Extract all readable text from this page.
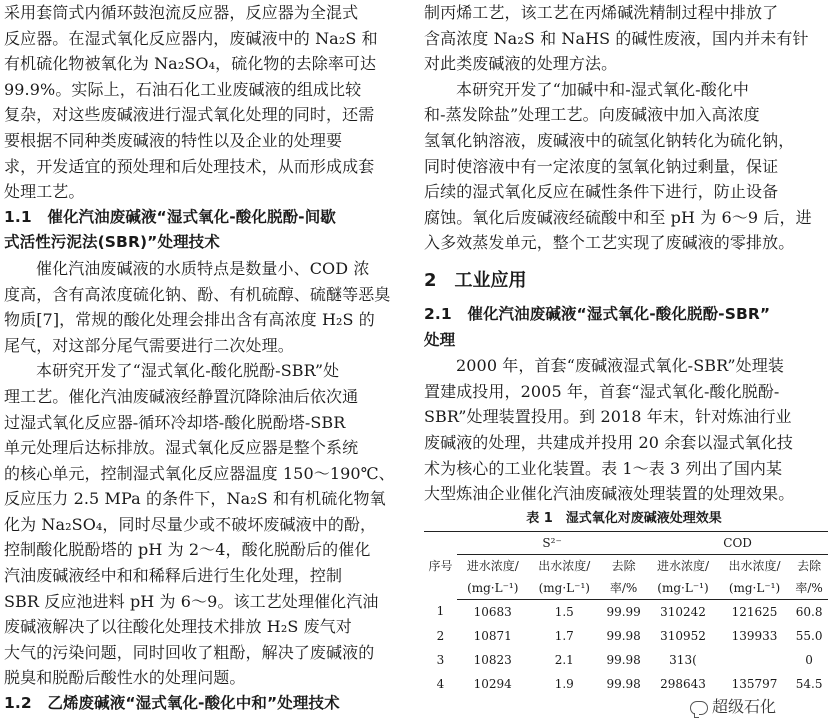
采用套筒式内循环鼓泡流反应器，反应器为全混式
反应器。在湿式氧化反应器内，废碱液中的 Na₂S 和
有机硫化物被氧化为 Na₂SO₄，硫化物的去除率可达
99.9%。实际上，石油石化工业废碱液的组成比较
复杂，对这些废碱液进行湿式氧化处理的同时，还需
要根据不同种类废碱液的特性以及企业的处理要
求，开发适宜的预处理和后处理技术，从而形成成套
处理工艺。
1.1　催化汽油废碱液“湿式氧化-酸化脱酚-间歇
式活性污泥法(SBR)”处理技术
催化汽油废碱液的水质特点是数量小、COD 浓
度高，含有高浓度硫化钠、酚、有机硫醇、硫醚等恶臭
物质[7]，常规的酸化处理会排出含有高浓度 H₂S 的
尾气，对这部分尾气需要进行二次处理。
本研究开发了“湿式氧化-酸化脱酚-SBR”处
理工艺。催化汽油废碱液经静置沉降除油后依次通
过湿式氧化反应器-循环冷却塔-酸化脱酚塔-SBR
单元处理后达标排放。湿式氧化反应器是整个系统
的核心单元，控制湿式氧化反应器温度 150～190℃、
反应压力 2.5 MPa 的条件下，Na₂S 和有机硫化物氧
化为 Na₂SO₄，同时尽量少或不破坏废碱液中的酚，
控制酸化脱酚塔的 pH 为 2～4，酸化脱酚后的催化
汽油废碱液经中和和稀释后进行生化处理，控制
SBR 反应池进料 pH 为 6～9。该工艺处理催化汽油
废碱液解决了以往酸化处理技术排放 H₂S 废气对
大气的污染问题，同时回收了粗酚，解决了废碱液的
脱臭和脱酚后酸性水的处理问题。
1.2　乙烯废碱液“湿式氧化-酸化中和”处理技术
制丙烯工艺，该工艺在丙烯碱洗精制过程中排放了
含高浓度 Na₂S 和 NaHS 的碱性废液，国内并未有针
对此类废碱液的处理方法。
本研究开发了“加碱中和-湿式氧化-酸化中
和-蒸发除盐”处理工艺。向废碱液中加入高浓度
氢氧化钠溶液，废碱液中的硫氢化钠转化为硫化钠，
同时使溶液中有一定浓度的氢氧化钠过剩量，保证
后续的湿式氧化反应在碱性条件下进行，防止设备
腐蚀。氧化后废碱液经硫酸中和至 pH 为 6～9 后，进
入多效蒸发单元，整个工艺实现了废碱液的零排放。
2　工业应用
2.1　催化汽油废碱液“湿式氧化-酸化脱酚-SBR”
处理
2000 年，首套“废碱液湿式氧化-SBR”处理装
置建成投用，2005 年，首套“湿式氧化-酸化脱酚-
SBR”处理装置投用。到 2018 年末，针对炼油行业
废碱液的处理，共建成并投用 20 余套以湿式氧化技
术为核心的工业化装置。表 1～表 3 列出了国内某
大型炼油企业催化汽油废碱液处理装置的处理效果。
表 1　湿式氧化对废碱液处理效果
序号	S²⁻			COD		
	进水浓度/	出水浓度/	去除	进水浓度/	出水浓度/	去除
	(mg·L⁻¹)	(mg·L⁻¹)	率/%	(mg·L⁻¹)	(mg·L⁻¹)	率/%
1	10683	1.5	99.99	310242	121625	60.8
2	10871	1.7	99.98	310952	139933	55.0
3	10823	2.1	99.98	313(		0
4	10294	1.9	99.98	298643	135797	54.5
超级石化
